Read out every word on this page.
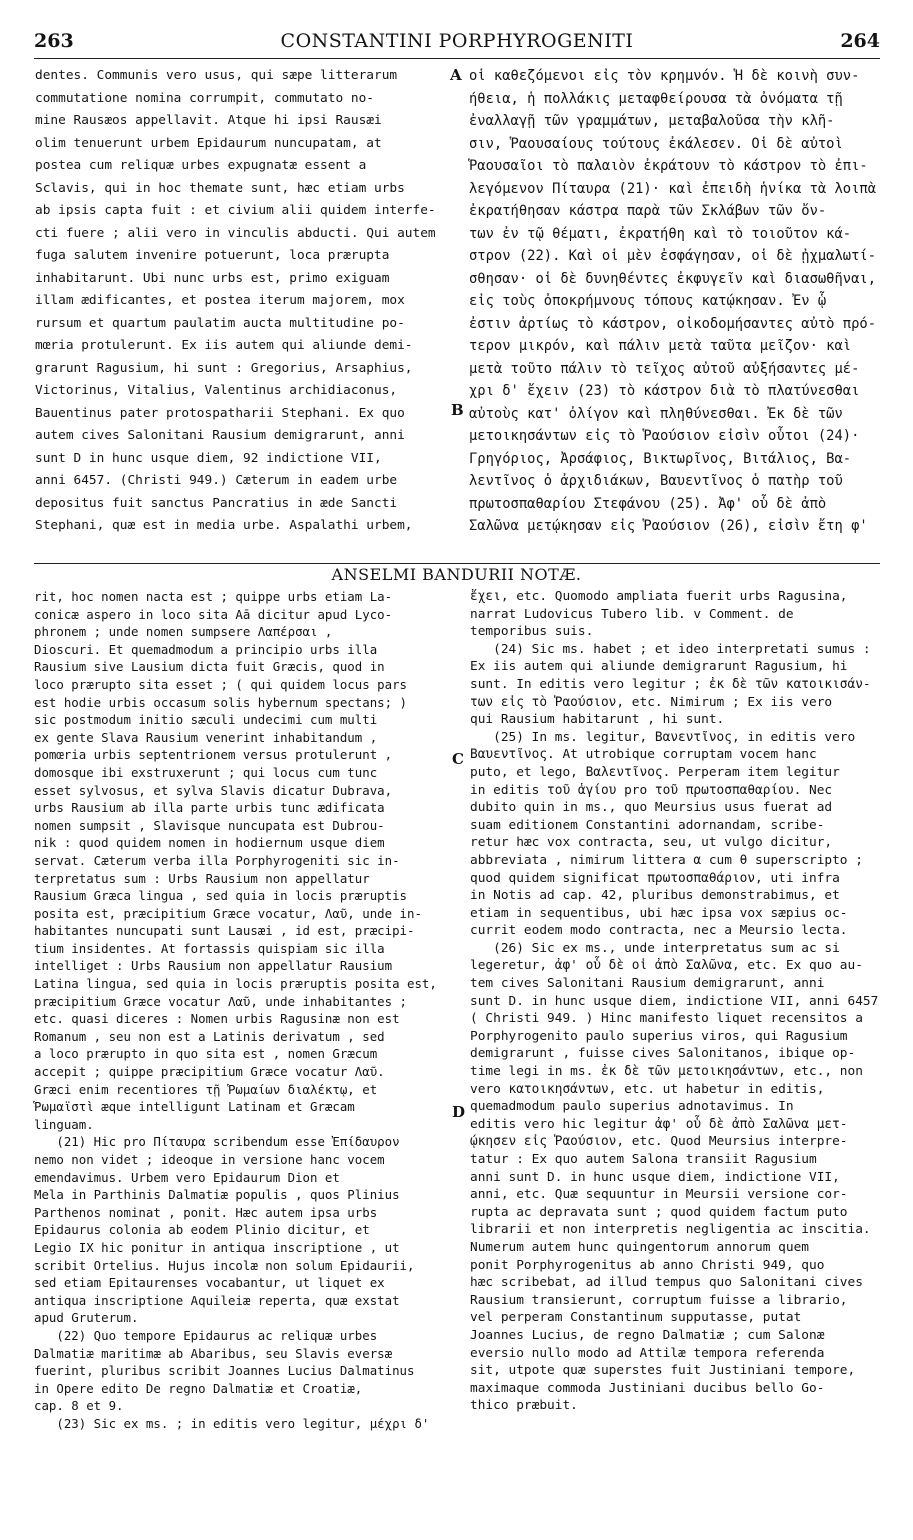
263	CONSTANTINI PORPHYROGENITI	264
dentes. Communis vero usus, qui sæpe litterarum
commutatione nomina corrumpit, commutato no-
mine Rausæos appellavit. Atque hi ipsi Rausæi
olim tenuerunt urbem Epidaurum nuncupatam, at
postea cum reliquæ urbes expugnatæ essent a
Sclavis, qui in hoc themate sunt, hæc etiam urbs
ab ipsis capta fuit : et civium alii quidem interfe-
cti fuere ; alii vero in vinculis abducti. Qui autem
fuga salutem invenire potuerunt, loca prærupta
inhabitarunt. Ubi nunc urbs est, primo exiguam
illam ædificantes, et postea iterum majorem, mox
rursum et quartum paulatim aucta multitudine po-
mœria protulerunt. Ex iis autem qui aliunde demi-
grarunt Ragusium, hi sunt : Gregorius, Arsaphius,
Victorinus, Vitalius, Valentinus archidiaconus,
Bauentinus pater protospatharii Stephani. Ex quo
autem cives Salonitani Rausium demigrarunt, anni
sunt D in hunc usque diem, 92 indictione VII,
anni 6457. (Christi 949.) Cæterum in eadem urbe
depositus fuit sanctus Pancratius in æde Sancti
Stephani, quæ est in media urbe. Aspalathi urbem,
οἱ καθεζόμενοι εἰς τὸν κρημνόν. Ἡ δὲ κοινὴ συν-
ήθεια, ἡ πολλάκις μεταφθείρουσα τὰ ὀνόματα τῇ
ἐναλλαγῇ τῶν γραμμάτων, μεταβαλοῦσα τὴν κλῆ-
σιν, Ῥαουσαίους τούτους ἐκάλεσεν. Οἱ δὲ αὐτοὶ
Ῥαουσαῖοι τὸ παλαιὸν ἐκράτουν τὸ κάστρον τὸ ἐπι-
λεγόμενον Πίταυρα (21)· καὶ ἐπειδὴ ἡνίκα τὰ λοιπὰ
ἐκρατήθησαν κάστρα παρὰ τῶν Σκλάβων τῶν ὄν-
των ἐν τῷ θέματι, ἐκρατήθη καὶ τὸ τοιοῦτον κά-
στρον (22). Καὶ οἱ μὲν ἐσφάγησαν, οἱ δὲ ᾐχμαλωτί-
σθησαν· οἱ δὲ δυνηθέντες ἐκφυγεῖν καὶ διασωθῆναι,
εἰς τοὺς ὀποκρήμνους τόπους κατῴκησαν. Ἐν ᾧ
ἐστιν ἀρτίως τὸ κάστρον, οἰκοδομήσαντες αὐτὸ πρό-
τερον μικρόν, καὶ πάλιν μετὰ ταῦτα μεῖζον· καὶ
μετὰ τοῦτο πάλιν τὸ τεῖχος αὐτοῦ αὐξήσαντες μέ-
χρι δ' ἔχειν (23) τὸ κάστρον διὰ τὸ πλατύνεσθαι
αὐτοὺς κατ' ὀλίγον καὶ πληθύνεσθαι. Ἐκ δὲ τῶν
μετοικησάντων εἰς τὸ Ῥαούσιον εἰσὶν οὗτοι (24)·
Γρηγόριος, Ἀρσάφιος, Βικτωρῖνος, Βιτάλιος, Βα-
λεντῖνος ὁ ἀρχιδιάκων, Βαυεντῖνος ὁ πατὴρ τοῦ
πρωτοσπαθαρίου Στεφάνου (25). Ἀφ' οὗ δὲ ἀπὸ
Σαλῶνα μετῴκησαν εἰς Ῥαούσιον (26), εἰσὶν ἔτη φ'
A
B
C
D
ANSELMI BANDURII NOTÆ.
rit, hoc nomen nacta est ; quippe urbs etiam La-
conicæ aspero in loco sita Aā dicitur apud Lyco-
phronem ; unde nomen sumpsere Λαπέρσαι ,
Dioscuri. Et quemadmodum a principio urbs illa
Rausium sive Lausium dicta fuit Græcis, quod in
loco prærupto sita esset ; ( qui quidem locus pars
est hodie urbis occasum solis hybernum spectans; )
sic postmodum initio sæculi undecimi cum multi
ex gente Slava Rausium venerint inhabitandum ,
pomœria urbis septentrionem versus protulerunt ,
domosque ibi exstruxerunt ; qui locus cum tunc
esset sylvosus, et sylva Slavis dicatur Dubrava,
urbs Rausium ab illa parte urbis tunc ædificata
nomen sumpsit , Slavisque nuncupata est Dubrou-
nik : quod quidem nomen in hodiernum usque diem
servat. Cæterum verba illa Porphyrogeniti sic in-
terpretatus sum : Urbs Rausium non appellatur
Rausium Græca lingua , sed quia in locis præruptis
posita est, præcipitium Græce vocatur, Λαῦ, unde in-
habitantes nuncupati sunt Lausæi , id est, præcipi-
tium insidentes. At fortassis quispiam sic illa
intelliget : Urbs Rausium non appellatur Rausium
Latina lingua, sed quia in locis præruptis posita est,
præcipitium Græce vocatur Λαῦ, unde inhabitantes ;
etc. quasi diceres : Nomen urbis Ragusinæ non est
Romanum , seu non est a Latinis derivatum , sed
a loco prærupto in quo sita est , nomen Græcum
accepit ; quippe præcipitium Græce vocatur Λαῦ.
Græci enim recentiores τῇ Ῥωμαίων διαλέκτῳ, et
Ῥωμαϊστὶ æque intelligunt Latinam et Græcam
linguam.
(21) Hic pro Πίταυρα scribendum esse Ἐπίδαυρον
nemo non videt ; ideoque in versione hanc vocem
emendavimus. Urbem vero Epidaurum Dion et
Mela in Parthinis Dalmatiæ populis , quos Plinius
Parthenos nominat , ponit. Hæc autem ipsa urbs
Epidaurus colonia ab eodem Plinio dicitur, et
Legio IX hic ponitur in antiqua inscriptione , ut
scribit Ortelius. Hujus incolæ non solum Epidaurii,
sed etiam Epitaurenses vocabantur, ut liquet ex
antiqua inscriptione Aquileiæ reperta, quæ exstat
apud Gruterum.
(22) Quo tempore Epidaurus ac reliquæ urbes
Dalmatiæ maritimæ ab Abaribus, seu Slavis eversæ
fuerint, pluribus scribit Joannes Lucius Dalmatinus
in Opere edito De regno Dalmatiæ et Croatiæ,
cap. 8 et 9.
(23) Sic ex ms. ; in editis vero legitur, μέχρι δ'
ἔχει, etc. Quomodo ampliata fuerit urbs Ragusina,
narrat Ludovicus Tubero lib. v Comment. de
temporibus suis.
(24) Sic ms. habet ; et ideo interpretati sumus :
Ex iis autem qui aliunde demigrarunt Ragusium, hi
sunt. In editis vero legitur ; ἐκ δὲ τῶν κατοικισάν-
των εἰς τὸ Ῥαούσιον, etc. Nimirum ; Ex iis vero
qui Rausium habitarunt , hi sunt.
(25) In ms. legitur, Βανεντῖνος, in editis vero
Βαυεντῖνος. At utrobique corruptam vocem hanc
puto, et lego, Βαλεντῖνος. Perperam item legitur
in editis τοῦ ἁγίου pro τοῦ πρωτοσπαθαρίου. Nec
dubito quin in ms., quo Meursius usus fuerat ad
suam editionem Constantini adornandam, scribe-
retur hæc vox contracta, seu, ut vulgo dicitur,
abbreviata , nimirum littera α cum θ superscripto ;
quod quidem significat πρωτοσπαθάριον, uti infra
in Notis ad cap. 42, pluribus demonstrabimus, et
etiam in sequentibus, ubi hæc ipsa vox sæpius oc-
currit eodem modo contracta, nec a Meursio lecta.
(26) Sic ex ms., unde interpretatus sum ac si
legeretur, ἀφ' οὗ δὲ οἱ ἀπὸ Σαλῶνα, etc. Ex quo au-
tem cives Salonitani Rausium demigrarunt, anni
sunt D. in hunc usque diem, indictione VII, anni 6457
( Christi 949. ) Hinc manifesto liquet recensitos a
Porphyrogenito paulo superius viros, qui Ragusium
demigrarunt , fuisse cives Salonitanos, ibique op-
time legi in ms. ἐκ δὲ τῶν μετοικησάντων, etc., non
vero κατοικησάντων, etc. ut habetur in editis,
quemadmodum paulo superius adnotavimus. In
editis vero hic legitur ἀφ' οὗ δὲ ἀπὸ Σαλῶνα μετ-
ῴκησεν εἰς Ῥαούσιον, etc. Quod Meursius interpre-
tatur : Ex quo autem Salona transiit Ragusium
anni sunt D. in hunc usque diem, indictione VII,
anni, etc. Quæ sequuntur in Meursii versione cor-
rupta ac depravata sunt ; quod quidem factum puto
librarii et non interpretis negligentia ac inscitia.
Numerum autem hunc quingentorum annorum quem
ponit Porphyrogenitus ab anno Christi 949, quo
hæc scribebat, ad illud tempus quo Salonitani cives
Rausium transierunt, corruptum fuisse a librario,
vel perperam Constantinum supputasse, putat
Joannes Lucius, de regno Dalmatiæ ; cum Salonæ
eversio nullo modo ad Attilæ tempora referenda
sit, utpote quæ superstes fuit Justiniani tempore,
maximaque commoda Justiniani ducibus bello Go-
thico præbuit.
